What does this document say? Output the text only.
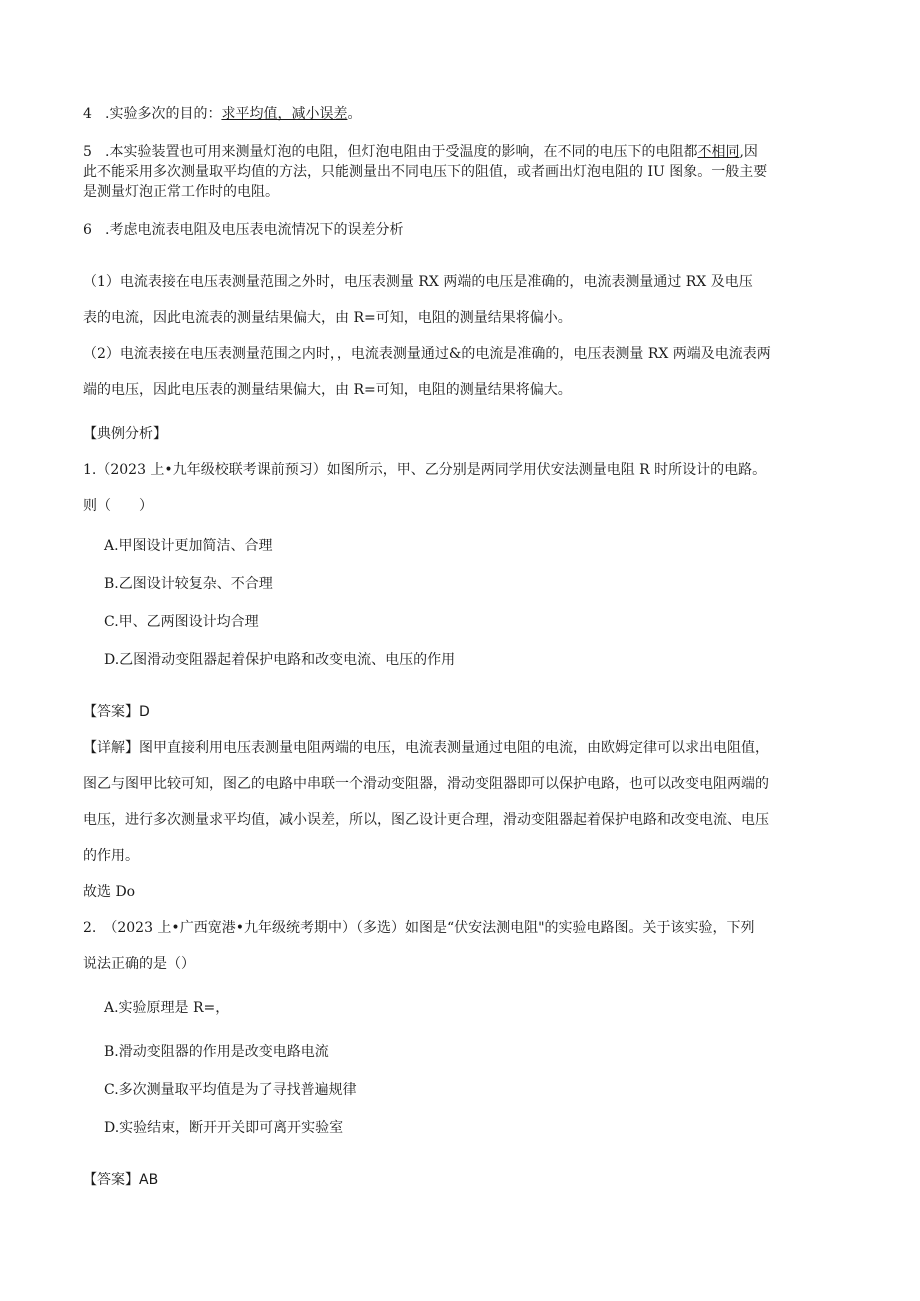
4 .实验多次的目的：求平均值，减小误差。
5 .本实验装置也可用来测量灯泡的电阻，但灯泡电阻由于受温度的影响，在不同的电压下的电阻都不相同,因
此不能采用多次测量取平均值的方法，只能测量出不同电压下的阻值，或者画出灯泡电阻的 IU 图象。一般主要
是测量灯泡正常工作时的电阻。
6 .考虑电流表电阻及电压表电流情况下的误差分析
（1）电流表接在电压表测量范围之外时，电压表测量 RX 两端的电压是准确的，电流表测量通过 RX 及电压
表的电流，因此电流表的测量结果偏大，由 R=可知，电阻的测量结果将偏小。
（2）电流表接在电压表测量范围之内时，，电流表测量通过&的电流是准确的，电压表测量 RX 两端及电流表两
端的电压，因此电压表的测量结果偏大，由 R=可知，电阻的测量结果将偏大。
【典例分析】
1.（2023 上•九年级校联考课前预习）如图所示，甲、乙分别是两同学用伏安法测量电阻 R 时所设计的电路。
则（　　）
A.甲图设计更加简洁、合理
B.乙图设计较复杂、不合理
C.甲、乙两图设计均合理
D.乙图滑动变阻器起着保护电路和改变电流、电压的作用
【答案】D
【详解】图甲直接利用电压表测量电阻两端的电压，电流表测量通过电阻的电流，由欧姆定律可以求出电阻值，
图乙与图甲比较可知，图乙的电路中串联一个滑动变阻器，滑动变阻器即可以保护电路，也可以改变电阻两端的
电压，进行多次测量求平均值，减小误差，所以，图乙设计更合理，滑动变阻器起着保护电路和改变电流、电压
的作用。
故选 Do
2.　（2023 上•广西宽港•九年级统考期中）（多选）如图是“伏安法测电阻"的实验电路图。关于该实验，下列
说法正确的是（）
A.实验原理是 R=，
B.滑动变阻器的作用是改变电路电流
C.多次测量取平均值是为了寻找普遍规律
D.实验结束，断开开关即可离开实验室
【答案】AB
